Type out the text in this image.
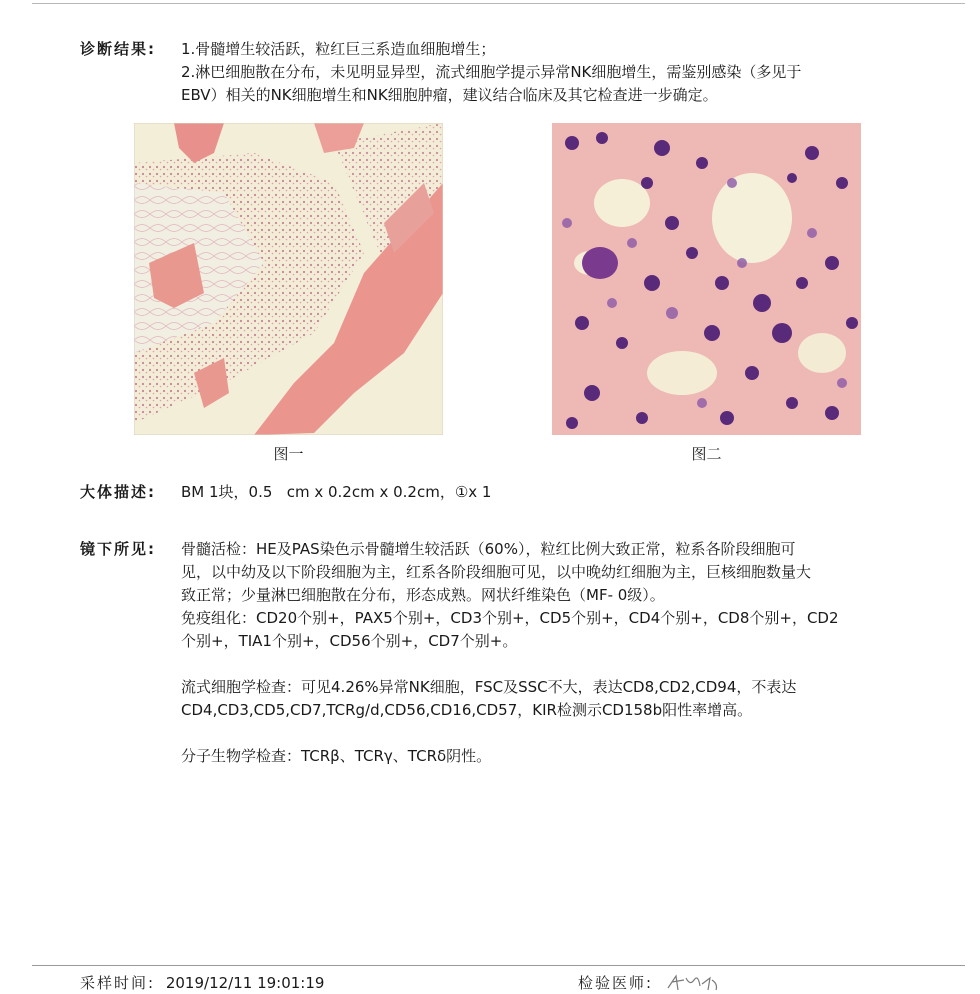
诊断结果:	1.骨髓增生较活跃，粒红巨三系造血细胞增生；

2.淋巴细胞散在分布，未见明显异型，流式细胞学提示异常NK细胞增生，需鉴别感染（多见于

EBV）相关的NK细胞增生和NK细胞肿瘤，建议结合临床及其它检查进一步确定。

图一	图二
大体描述:	BM 1块，0.5   cm x 0.2cm x 0.2cm，①x 1

镜下所见:	骨髓活检：HE及PAS染色示骨髓增生较活跃（60%），粒红比例大致正常，粒系各阶段细胞可

见，以中幼及以下阶段细胞为主，红系各阶段细胞可见，以中晚幼红细胞为主，巨核细胞数量大

致正常；少量淋巴细胞散在分布，形态成熟。网状纤维染色（MF- 0级）。

免疫组化：CD20个别+，PAX5个别+，CD3个别+，CD5个别+，CD4个别+，CD8个别+，CD2

个别+，TIA1个别+，CD56个别+，CD7个别+。

流式细胞学检查：可见4.26%异常NK细胞，FSC及SSC不大，表达CD8,CD2,CD94，不表达

CD4,CD3,CD5,CD7,TCRg/d,CD56,CD16,CD57，KIR检测示CD158b阳性率增高。

分子生物学检查：TCRβ、TCRγ、TCRδ阴性。

采样时间: 2019/12/11 19:01:19	检验医师:
